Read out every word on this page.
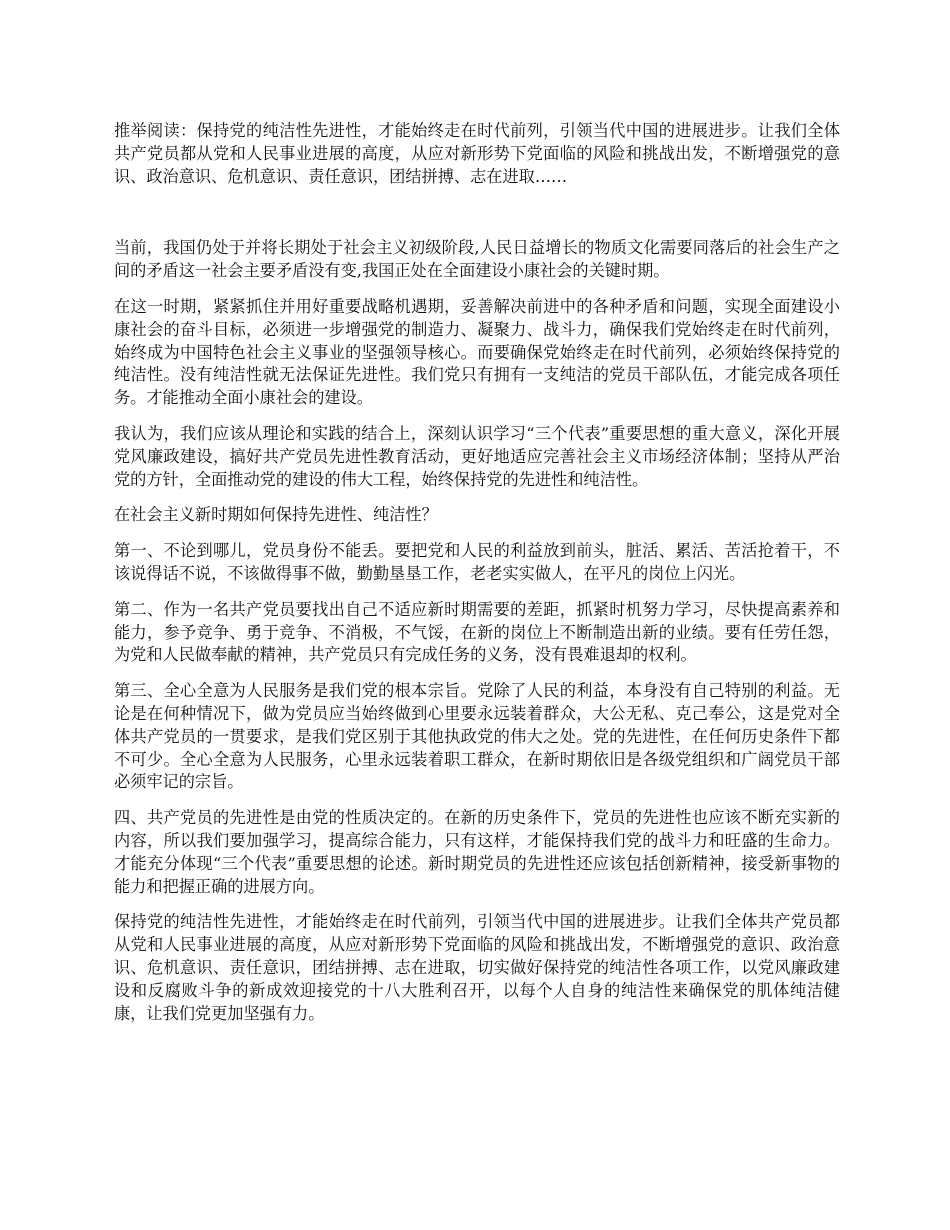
推举阅读：保持党的纯洁性先进性，才能始终走在时代前列，引领当代中国的进展进步。让我们全体共产党员都从党和人民事业进展的高度，从应对新形势下党面临的风险和挑战出发，不断增强党的意识、政治意识、危机意识、责任意识，团结拼搏、志在进取……

当前，我国仍处于并将长期处于社会主义初级阶段,人民日益增长的物质文化需要同落后的社会生产之间的矛盾这一社会主要矛盾没有变,我国正处在全面建设小康社会的关键时期。

在这一时期，紧紧抓住并用好重要战略机遇期，妥善解决前进中的各种矛盾和问题，实现全面建设小康社会的奋斗目标，必须进一步增强党的制造力、凝聚力、战斗力，确保我们党始终走在时代前列，始终成为中国特色社会主义事业的坚强领导核心。而要确保党始终走在时代前列，必须始终保持党的纯洁性。没有纯洁性就无法保证先进性。我们党只有拥有一支纯洁的党员干部队伍，才能完成各项任务。才能推动全面小康社会的建设。

我认为，我们应该从理论和实践的结合上，深刻认识学习“三个代表”重要思想的重大意义，深化开展党风廉政建设，搞好共产党员先进性教育活动，更好地适应完善社会主义市场经济体制；坚持从严治党的方针，全面推动党的建设的伟大工程，始终保持党的先进性和纯洁性。

在社会主义新时期如何保持先进性、纯洁性？

第一、不论到哪儿，党员身份不能丢。要把党和人民的利益放到前头，脏活、累活、苦活抢着干，不该说得话不说，不该做得事不做，勤勤垦垦工作，老老实实做人，在平凡的岗位上闪光。

第二、作为一名共产党员要找出自己不适应新时期需要的差距，抓紧时机努力学习，尽快提高素养和能力，参予竞争、勇于竞争、不消极，不气馁，在新的岗位上不断制造出新的业绩。要有任劳任怨，为党和人民做奉献的精神，共产党员只有完成任务的义务，没有畏难退却的权利。

第三、全心全意为人民服务是我们党的根本宗旨。党除了人民的利益，本身没有自己特别的利益。无论是在何种情况下，做为党员应当始终做到心里要永远装着群众，大公无私、克己奉公，这是党对全体共产党员的一贯要求，是我们党区别于其他执政党的伟大之处。党的先进性，在任何历史条件下都不可少。全心全意为人民服务，心里永远装着职工群众，在新时期依旧是各级党组织和广阔党员干部必须牢记的宗旨。

四、共产党员的先进性是由党的性质决定的。在新的历史条件下，党员的先进性也应该不断充实新的内容，所以我们要加强学习，提高综合能力，只有这样，才能保持我们党的战斗力和旺盛的生命力。才能充分体现“三个代表”重要思想的论述。新时期党员的先进性还应该包括创新精神，接受新事物的能力和把握正确的进展方向。

保持党的纯洁性先进性，才能始终走在时代前列，引领当代中国的进展进步。让我们全体共产党员都从党和人民事业进展的高度，从应对新形势下党面临的风险和挑战出发，不断增强党的意识、政治意识、危机意识、责任意识，团结拼搏、志在进取，切实做好保持党的纯洁性各项工作，以党风廉政建设和反腐败斗争的新成效迎接党的十八大胜利召开，以每个人自身的纯洁性来确保党的肌体纯洁健康，让我们党更加坚强有力。
